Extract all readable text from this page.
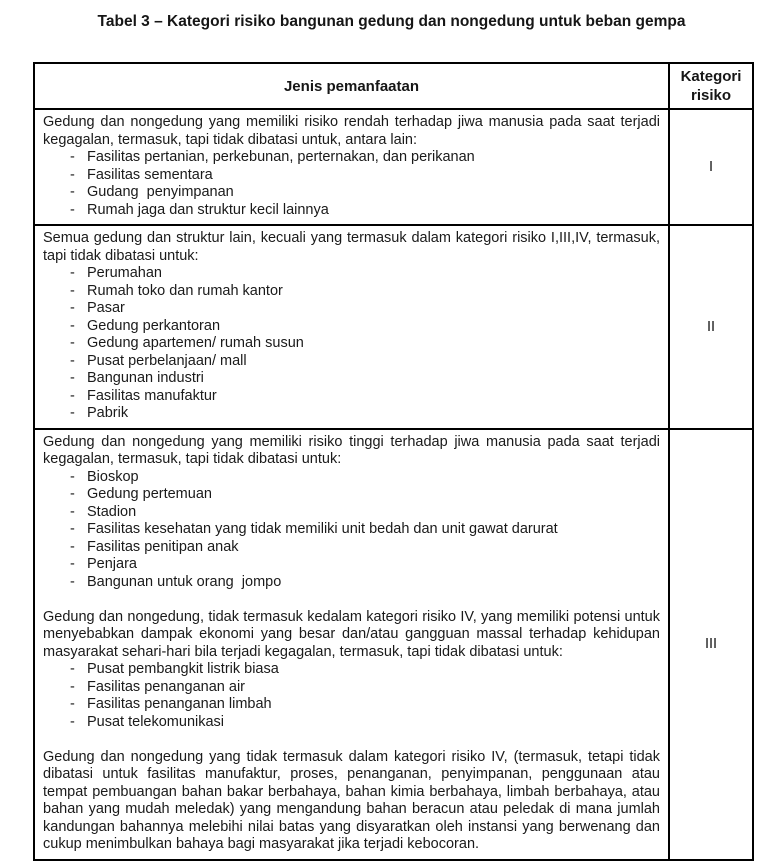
Tabel 3 – Kategori risiko bangunan gedung dan nongedung untuk beban gempa
Jenis pemanfaatan	Kategori risiko

Gedung dan nongedung yang memiliki risiko rendah terhadap jiwa manusia pada saat terjadi kegagalan, termasuk, tapi tidak dibatasi untuk, antara lain:

- Fasilitas pertanian, perkebunan, perternakan, dan perikanan
- Fasilitas sementara
- Gudang  penyimpanan
- Rumah jaga dan struktur kecil lainnya	I

Semua gedung dan struktur lain, kecuali yang termasuk dalam kategori risiko I,III,IV, termasuk, tapi tidak dibatasi untuk:

- Perumahan
- Rumah toko dan rumah kantor
- Pasar
- Gedung perkantoran
- Gedung apartemen/ rumah susun
- Pusat perbelanjaan/ mall
- Bangunan industri
- Fasilitas manufaktur
- Pabrik
	II

Gedung dan nongedung yang memiliki risiko tinggi terhadap jiwa manusia pada saat terjadi kegagalan, termasuk, tapi tidak dibatasi untuk:

- Bioskop
- Gedung pertemuan
- Stadion
- Fasilitas kesehatan yang tidak memiliki unit bedah dan unit gawat darurat
- Fasilitas penitipan anak
- Penjara
- Bangunan untuk orang  jompo

Gedung dan nongedung, tidak termasuk kedalam kategori risiko IV, yang memiliki potensi untuk menyebabkan dampak ekonomi yang besar dan/atau gangguan massal terhadap kehidupan masyarakat sehari-hari bila terjadi kegagalan, termasuk, tapi tidak dibatasi untuk:

- Pusat pembangkit listrik biasa
- Fasilitas penanganan air
- Fasilitas penanganan limbah
- Pusat telekomunikasi

Gedung dan nongedung yang tidak termasuk dalam kategori risiko IV, (termasuk, tetapi tidak dibatasi untuk fasilitas manufaktur, proses, penanganan, penyimpanan, penggunaan atau tempat pembuangan bahan bakar berbahaya, bahan kimia berbahaya, limbah berbahaya, atau bahan yang mudah meledak) yang mengandung bahan beracun atau peledak di mana jumlah kandungan bahannya melebihi nilai batas yang disyaratkan oleh instansi yang berwenang dan cukup menimbulkan bahaya bagi masyarakat jika terjadi kebocoran.

	III
